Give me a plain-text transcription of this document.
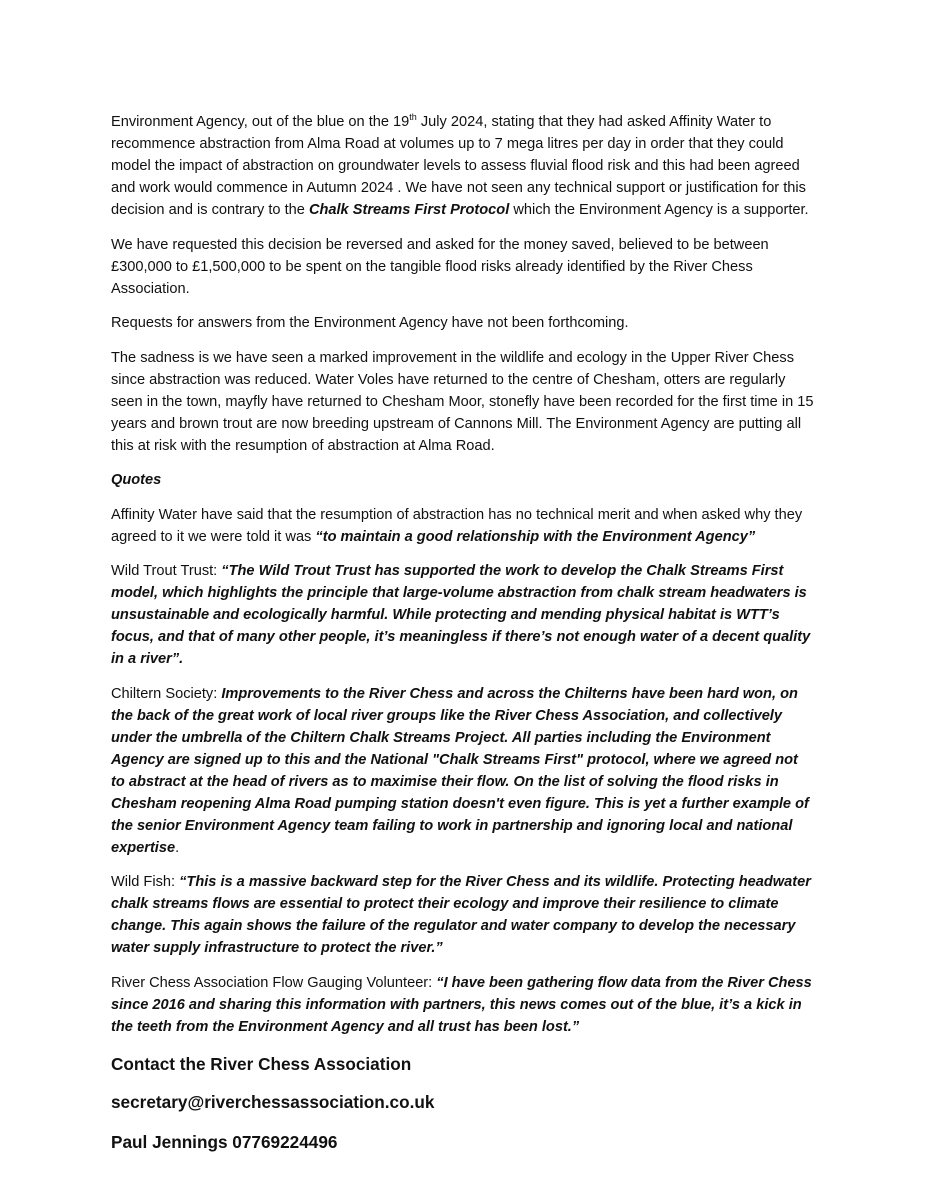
Environment Agency, out of the blue on the 19th July 2024, stating that they had asked Affinity Water to recommence abstraction from Alma Road at volumes up to 7 mega litres per day in order that they could model the impact of abstraction on groundwater levels to assess fluvial flood risk and this had been agreed and work would commence in Autumn 2024 . We have not seen any technical support or justification for this decision and is contrary to the Chalk Streams First Protocol which the Environment Agency is a supporter.

We have requested this decision be reversed and asked for the money saved, believed to be between £300,000 to £1,500,000 to be spent on the tangible flood risks already identified by the River Chess Association.

Requests for answers from the Environment Agency have not been forthcoming.

The sadness is we have seen a marked improvement in the wildlife and ecology in the Upper River Chess since abstraction was reduced. Water Voles have returned to the centre of Chesham, otters are regularly seen in the town, mayfly have returned to Chesham Moor, stonefly have been recorded for the first time in 15 years and brown trout are now breeding upstream of Cannons Mill. The Environment Agency are putting all this at risk with the resumption of abstraction at Alma Road.

Quotes

Affinity Water have said that the resumption of abstraction has no technical merit and when asked why they agreed to it we were told it was “to maintain a good relationship with the Environment Agency”

Wild Trout Trust: “The Wild Trout Trust has supported the work to develop the Chalk Streams First model, which highlights the principle that large-volume abstraction from chalk stream headwaters is unsustainable and ecologically harmful. While protecting and mending physical habitat is WTT’s focus, and that of many other people, it’s meaningless if there’s not enough water of a decent quality in a river”.

Chiltern Society: Improvements to the River Chess and across the Chilterns have been hard won, on the back of the great work of local river groups like the River Chess Association, and collectively under the umbrella of the Chiltern Chalk Streams Project. All parties including the Environment Agency are signed up to this and the National "Chalk Streams First" protocol, where we agreed not to abstract at the head of rivers as to maximise their flow. On the list of solving the flood risks in Chesham reopening Alma Road pumping station doesn't even figure. This is yet a further example of the senior Environment Agency team failing to work in partnership and ignoring local and national expertise.

Wild Fish: “This is a massive backward step for the River Chess and its wildlife. Protecting headwater chalk streams flows are essential to protect their ecology and improve their resilience to climate change. This again shows the failure of the regulator and water company to develop the necessary water supply infrastructure to protect the river.”

River Chess Association Flow Gauging Volunteer: “I have been gathering flow data from the River Chess since 2016 and sharing this information with partners, this news comes out of the blue, it’s a kick in the teeth from the Environment Agency and all trust has been lost.”

Contact the River Chess Association

secretary@riverchessassociation.co.uk

Paul Jennings 07769224496
